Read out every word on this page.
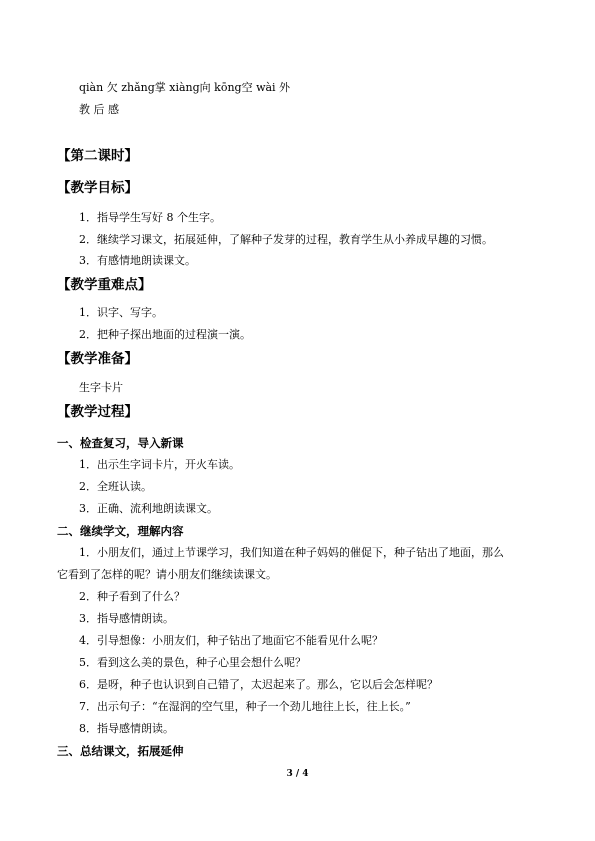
qiàn 欠 zhǎng掌 xiàng向 kōng空 wài 外
教 后 感
【第二课时】
【教学目标】
1．指导学生写好 8 个生字。
2．继续学习课文，拓展延伸，了解种子发芽的过程，教育学生从小养成早趣的习惯。
3．有感情地朗读课文。
【教学重难点】
1．识字、写字。
2．把种子探出地面的过程演一演。
【教学准备】
生字卡片
【教学过程】
一、检查复习，导入新课
1．出示生字词卡片，开火车读。
2．全班认读。
3．正确、流利地朗读课文。
二、继续学文，理解内容
1．小朋友们，通过上节课学习，我们知道在种子妈妈的催促下，种子钻出了地面，那么
它看到了怎样的呢？请小朋友们继续读课文。
2．种子看到了什么？
3．指导感情朗读。
4．引导想像：小朋友们，种子钻出了地面它不能看见什么呢？
5．看到这么美的景色，种子心里会想什么呢？
6．是呀，种子也认识到自己错了，太迟起来了。那么，它以后会怎样呢？
7．出示句子：“在湿润的空气里，种子一个劲儿地往上长，往上长。”
8．指导感情朗读。
三、总结课文，拓展延伸
3 / 4
